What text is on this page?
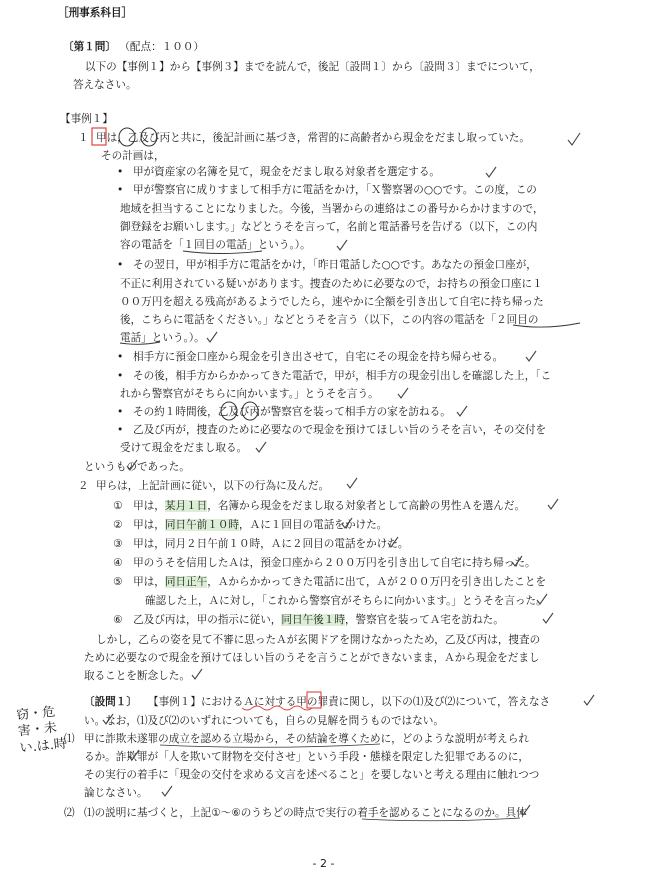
［刑事系科目］
〔第１問〕 （配点：１００）
以下の【事例１】から【事例３】までを読んで，後記〔設問１〕から〔設問３〕までについて，
答えなさい。
【事例１】
１ 甲は，乙及び丙と共に，後記計画に基づき，常習的に高齢者から現金をだまし取っていた。
その計画は，
• 甲が資産家の名簿を見て，現金をだまし取る対象者を選定する。
• 甲が警察官に成りすまして相手方に電話をかけ，「Ｘ警察署の○○です。この度，この
地域を担当することになりました。今後，当署からの連絡はこの番号からかけますので，
御登録をお願いします。」などとうそを言って，名前と電話番号を告げる（以下，この内
容の電話を「１回目の電話」という。）。
• その翌日，甲が相手方に電話をかけ，「昨日電話した○○です。あなたの預金口座が，
不正に利用されている疑いがあります。捜査のために必要なので，お持ちの預金口座に１
００万円を超える残高があるようでしたら，速やかに全額を引き出して自宅に持ち帰った
後，こちらに電話をください。」などとうそを言う（以下，この内容の電話を「２回目の
電話」という。）。
• 相手方に預金口座から現金を引き出させて，自宅にその現金を持ち帰らせる。
• その後，相手方からかかってきた電話で，甲が，相手方の現金引出しを確認した上，「こ
れから警察官がそちらに向かいます。」とうそを言う。
• その約１時間後，乙及び丙が警察官を装って相手方の家を訪ねる。
• 乙及び丙が，捜査のために必要なので現金を預けてほしい旨のうそを言い，その交付を
受けて現金をだまし取る。
というものであった。
２ 甲らは，上記計画に従い，以下の行為に及んだ。
①  甲は，某月１日，名簿から現金をだまし取る対象者として高齢の男性Ａを選んだ。
②  甲は，同日午前１０時，Ａに１回目の電話をかけた。
③  甲は，同月２日午前１０時，Ａに２回目の電話をかけた。
④  甲のうそを信用したＡは，預金口座から２００万円を引き出して自宅に持ち帰った。
⑤  甲は，同日正午，Ａからかかってきた電話に出て，Ａが２００万円を引き出したことを
確認した上，Ａに対し，「これから警察官がそちらに向かいます。」とうそを言った。
⑥  乙及び丙は，甲の指示に従い，同日午後１時，警察官を装ってＡ宅を訪ねた。
しかし，乙らの姿を見て不審に思ったＡが玄関ドアを開けなかったため，乙及び丙は，捜査の
ために必要なので現金を預けてほしい旨のうそを言うことができないまま，Ａから現金をだまし
取ることを断念した。
〔設問１〕 【事例１】におけるＡに対する甲の罪責に関し，以下の⑴及び⑵について，答えなさ
い。なお，⑴及び⑵のいずれについても，自らの見解を問うものではない。
⑴ 甲に詐欺未遂罪の成立を認める立場から，その結論を導くために，どのような説明が考えられ
るか。詐欺罪が「人を欺いて財物を交付させ」という手段・態様を限定した犯罪であるのに，
その実行の着手に「現金の交付を求める文言を述べること」を要しないと考える理由に触れつつ
論じなさい。
⑵ ⑴の説明に基づくと，上記①～⑥のうちどの時点で実行の着手を認めることになるのか。具体
窃・危
害・未
い.は.時
- 2 -
